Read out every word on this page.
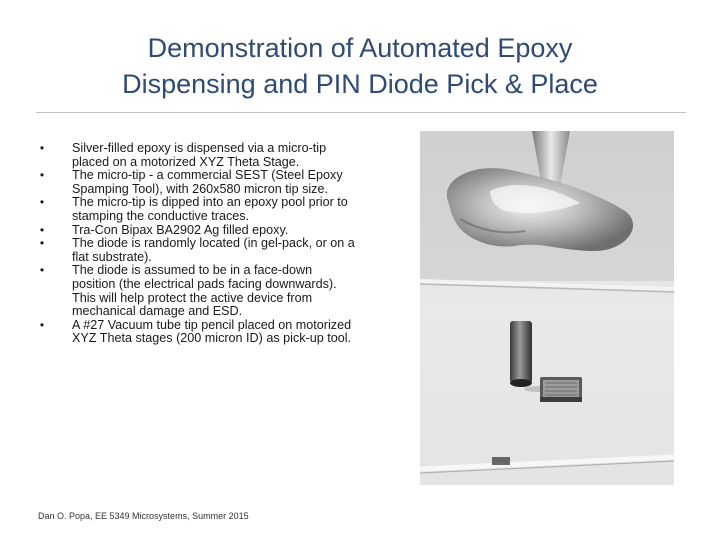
Demonstration of Automated Epoxy
Dispensing and PIN Diode Pick & Place
•	Silver-filled epoxy is dispensed via a micro-tip placed on a motorized XYZ Theta Stage.
•	The micro-tip - a commercial SEST (Steel Epoxy Spamping Tool), with 260x580 micron tip size.
•	The micro-tip is dipped into an epoxy pool prior to stamping the conductive traces.
•	Tra-Con Bipax BA2902 Ag filled epoxy.
•	The diode is randomly located (in gel-pack, or on a flat substrate).
•	The diode is assumed to be in a face-down position (the electrical pads facing downwards). This will help protect the active device from mechanical damage and ESD.
•	A #27 Vacuum tube tip pencil placed on motorized XYZ Theta stages (200 micron ID) as pick-up tool.
Dan O. Popa, EE 5349 Microsystems, Summer 2015
